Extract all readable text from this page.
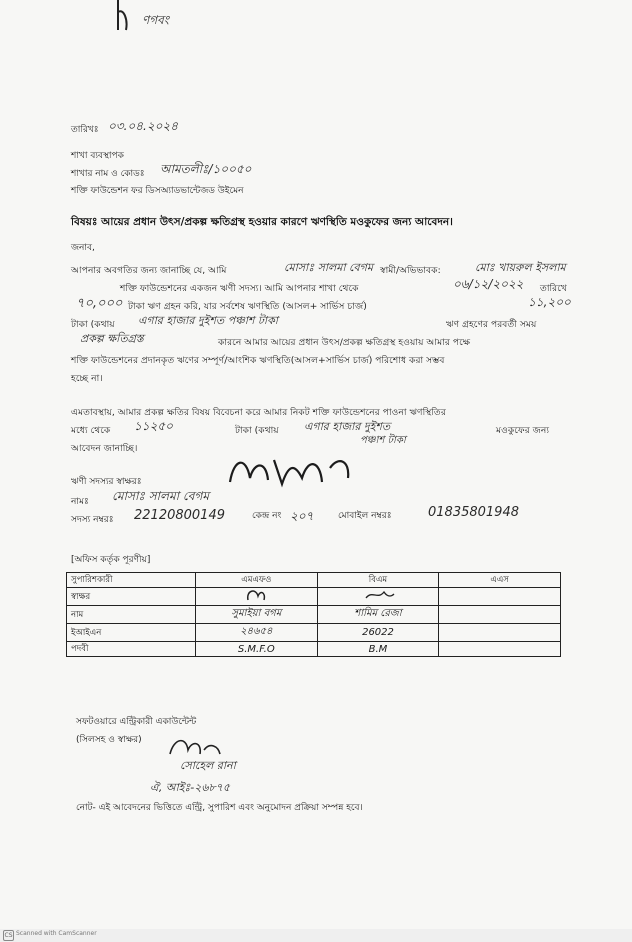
ণগবং
তারিখঃ ০৩.০৪.২০২৪
শাখা ব্যবস্থাপক
শাখার নাম ও কোডঃ আমতলীঃ/১০০৫০
শক্তি ফাউন্ডেশন ফর ডিসঅ্যাডভান্টেজড উইমেন
বিষয়ঃ আয়ের প্রধান উৎস/প্রকল্প ক্ষতিগ্রস্থ হওয়ার কারণে ঋণস্থিতি মওকুফের জন্য আবেদন।
জনাব,
আপনার অবগতির জন্য জানাচ্ছি যে, আমি	মোসাঃ সালমা বেগম স্বামী/অভিভাবক:	মোঃ খায়রুল ইসলাম
শক্তি ফাউন্ডেশনের একজন ঋণী সদস্য। আমি আপনার শাখা থেকে	০৬/১২/২০২২ তারিখে
৭০,০০০ টাকা ঋণ গ্রহন করি, যার সর্বশেষ ঋণস্থিতি (আসল+ সার্ভিস চার্জ)	১১,২০০
টাকা (কথায় এগার হাজার দুইশত পঞ্চাশ টাকা	ঋণ গ্রহণের পরবর্তী সময়
প্রকল্প ক্ষতিগ্রস্ত	কারনে আমার আয়ের প্রধান উৎস/প্রকল্প ক্ষতিগ্রস্থ হওয়ায় আমার পক্ষে
শক্তি ফাউন্ডেশনের প্রদানকৃত ঋণের সম্পূর্ণ/আংশিক ঋণস্থিতি(আসল+সার্ভিস চার্জ) পরিশোধ করা সম্ভব
হচ্ছে না।
এমতাবস্থায়, আমার প্রকল্প ক্ষতির বিষয় বিবেচনা করে আমার নিকট শক্তি ফাউন্ডেশনের পাওনা ঋণস্থিতির
মধ্যে থেকে ১১২৫০	টাকা (কথায় এগার হাজার দুইশত	মওকুফের জন্য
পঞ্চাশ টাকা
আবেদন জানাচ্ছি।
ঋণী সদস্যর স্বাক্ষরঃ
নামঃ মোসাঃ সালমা বেগম
সদস্য নম্বরঃ 22120800149	কেন্দ্র নং ২০৭	মোবাইল নম্বরঃ	01835801948
[অফিস কর্তৃক পূরণীয়]
সুপারিশকারী	এমএফও	বিএম	এএস
স্বাক্ষর			
নাম	সুমাইয়া বগম	শামিম রেজা	
ইআইএন	২৪৬৫৪	26022	
পদবী	S.M.F.O	B.M	
সফটওয়ারে এন্ট্রিকারী একাউন্টেন্ট
(সিলসহ ও স্বাক্ষর)
সোহেল রানা
ঐ, আইঃ-২৬৮৭৫
নোট- এই আবেদনের ভিত্তিতে এন্ট্রি, সুপারিশ এবং অনুমোদন প্রক্রিয়া সম্পন্ন হবে।
CS Scanned with CamScanner
